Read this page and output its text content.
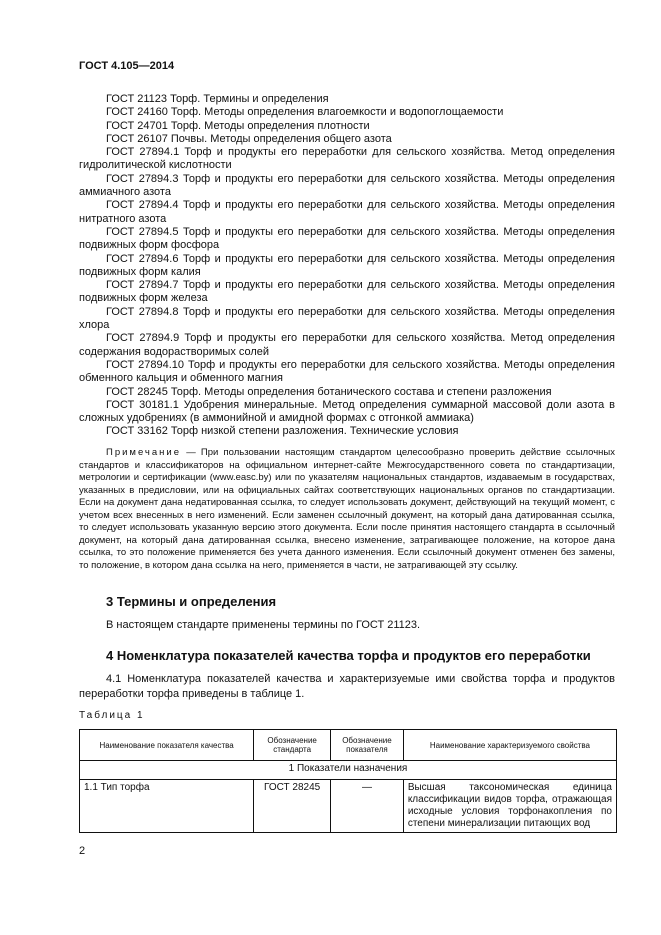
ГОСТ 4.105—2014
ГОСТ 21123 Торф. Термины и определения
ГОСТ 24160 Торф. Методы определения влагоемкости и водопоглощаемости
ГОСТ 24701 Торф. Методы определения плотности
ГОСТ 26107 Почвы. Методы определения общего азота
ГОСТ 27894.1 Торф и продукты его переработки для сельского хозяйства. Метод определения гидролитической кислотности
ГОСТ 27894.3 Торф и продукты его переработки для сельского хозяйства. Методы определения аммиачного азота
ГОСТ 27894.4 Торф и продукты его переработки для сельского хозяйства. Методы определения нитратного азота
ГОСТ 27894.5 Торф и продукты его переработки для сельского хозяйства. Методы определения подвижных форм фосфора
ГОСТ 27894.6 Торф и продукты его переработки для сельского хозяйства. Методы определения подвижных форм калия
ГОСТ 27894.7 Торф и продукты его переработки для сельского хозяйства. Методы определения подвижных форм железа
ГОСТ 27894.8 Торф и продукты его переработки для сельского хозяйства. Методы определения хлора
ГОСТ 27894.9 Торф и продукты его переработки для сельского хозяйства. Метод определения содержания водорастворимых солей
ГОСТ 27894.10 Торф и продукты его переработки для сельского хозяйства. Методы определения обменного кальция и обменного магния
ГОСТ 28245 Торф. Методы определения ботанического состава и степени разложения
ГОСТ 30181.1 Удобрения минеральные. Метод определения суммарной массовой доли азота в сложных удобрениях (в аммонийной и амидной формах с отгонкой аммиака)
ГОСТ 33162 Торф низкой степени разложения. Технические условия
Примечание — При пользовании настоящим стандартом целесообразно проверить действие ссылочных стандартов и классификаторов на официальном интернет-сайте Межгосударственного совета по стандартизации, метрологии и сертификации (www.easc.by) или по указателям национальных стандартов, издаваемым в государствах, указанных в предисловии, или на официальных сайтах соответствующих национальных органов по стандартизации. Если на документ дана недатированная ссылка, то следует использовать документ, действующий на текущий момент, с учетом всех внесенных в него изменений. Если заменен ссылочный документ, на который дана датированная ссылка, то следует использовать указанную версию этого документа. Если после принятия настоящего стандарта в ссылочный документ, на который дана датированная ссылка, внесено изменение, затрагивающее положение, на которое дана ссылка, то это положение применяется без учета данного изменения. Если ссылочный документ отменен без замены, то положение, в котором дана ссылка на него, применяется в части, не затрагивающей эту ссылку.
3 Термины и определения
В настоящем стандарте применены термины по ГОСТ 21123.
4 Номенклатура показателей качества торфа и продуктов его переработки
4.1 Номенклатура показателей качества и характеризуемые ими свойства торфа и продуктов переработки торфа приведены в таблице 1.
Таблица 1
Наименование показателя качества	Обозначение стандарта	Обозначение показателя	Наименование характеризуемого свойства
1 Показатели назначения			
1.1 Тип торфа	ГОСТ 28245	—	Высшая таксономическая единица классификации видов торфа, отражающая исходные условия торфонакопления по степени минерализации питающих вод
2
